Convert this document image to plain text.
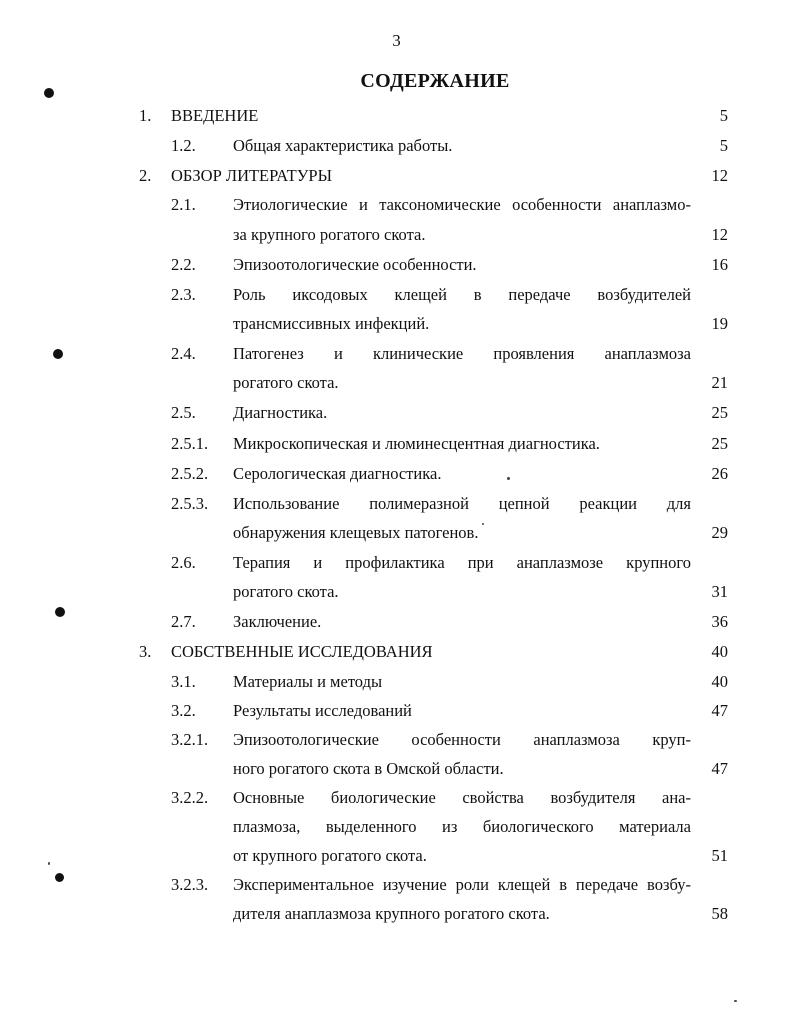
3
СОДЕРЖАНИЕ
1. ВВЕДЕНИЕ	5
1.2. Общая характеристика работы.	5
2. ОБЗОР ЛИТЕРАТУРЫ	12
2.1. Этиологические и таксономические особенности анаплазмо-
за крупного рогатого скота.	12
2.2. Эпизоотологические особенности.	16
2.3. Роль иксодовых клещей в передаче возбудителей
трансмиссивных инфекций.	19
2.4. Патогенез и клинические проявления анаплазмоза
рогатого скота.	21
2.5. Диагностика.	25
2.5.1. Микроскопическая и люминесцентная диагностика.	25
2.5.2. Серологическая диагностика.	26
2.5.3. Использование полимеразной цепной реакции для
обнаружения клещевых патогенов.	29
2.6. Терапия и профилактика при анаплазмозе крупного
рогатого скота.	31
2.7. Заключение.	36
3. СОБСТВЕННЫЕ ИССЛЕДОВАНИЯ	40
3.1. Материалы и методы	40
3.2. Результаты исследований	47
3.2.1. Эпизоотологические особенности анаплазмоза круп-
ного рогатого скота в Омской области.	47
3.2.2. Основные биологические свойства возбудителя ана-
плазмоза, выделенного из биологического материала
от крупного рогатого скота.	51
3.2.3. Экспериментальное изучение роли клещей в передаче возбу-
дителя анаплазмоза крупного рогатого скота.	58
